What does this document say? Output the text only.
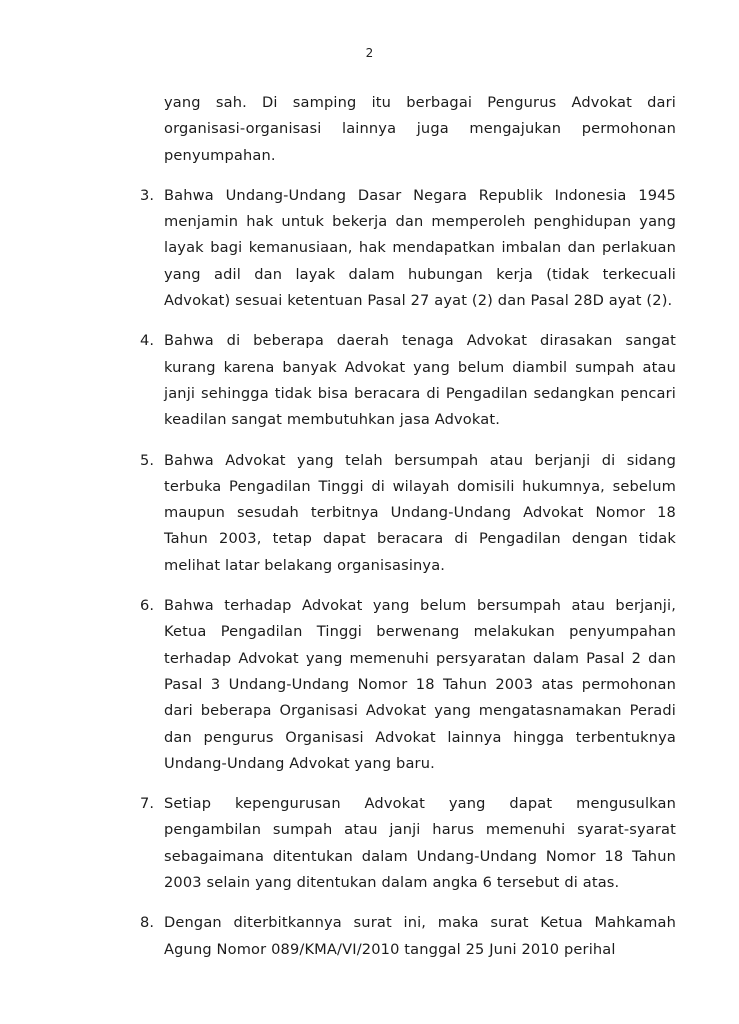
2
yang sah. Di samping itu berbagai Pengurus Advokat dari organisasi-organisasi lainnya juga mengajukan permohonan penyumpahan.
3. Bahwa Undang-Undang Dasar Negara Republik Indonesia 1945 menjamin hak untuk bekerja dan memperoleh penghidupan yang layak bagi kemanusiaan, hak mendapatkan imbalan dan perlakuan yang adil dan layak dalam hubungan kerja (tidak terkecuali Advokat) sesuai ketentuan Pasal 27 ayat (2) dan Pasal 28D ayat (2).
4. Bahwa di beberapa daerah tenaga Advokat dirasakan sangat kurang karena banyak Advokat yang belum diambil sumpah atau janji sehingga tidak bisa beracara di Pengadilan sedangkan pencari keadilan sangat membutuhkan jasa Advokat.
5. Bahwa Advokat yang telah bersumpah atau berjanji di sidang terbuka Pengadilan Tinggi di wilayah domisili hukumnya, sebelum maupun sesudah terbitnya Undang-Undang Advokat Nomor 18 Tahun 2003, tetap dapat beracara di Pengadilan dengan tidak melihat latar belakang organisasinya.
6. Bahwa terhadap Advokat yang belum bersumpah atau berjanji, Ketua Pengadilan Tinggi berwenang melakukan penyumpahan terhadap Advokat yang memenuhi persyaratan dalam Pasal 2 dan Pasal 3 Undang-Undang Nomor 18 Tahun 2003 atas permohonan dari beberapa Organisasi Advokat yang mengatasnamakan Peradi dan pengurus Organisasi Advokat lainnya hingga terbentuknya Undang-Undang Advokat yang baru.
7. Setiap kepengurusan Advokat yang dapat mengusulkan pengambilan sumpah atau janji harus memenuhi syarat-syarat sebagaimana ditentukan dalam Undang-Undang Nomor 18 Tahun 2003 selain yang ditentukan dalam angka 6 tersebut di atas.
8. Dengan diterbitkannya surat ini, maka surat Ketua Mahkamah Agung Nomor 089/KMA/VI/2010 tanggal 25 Juni 2010 perihal
